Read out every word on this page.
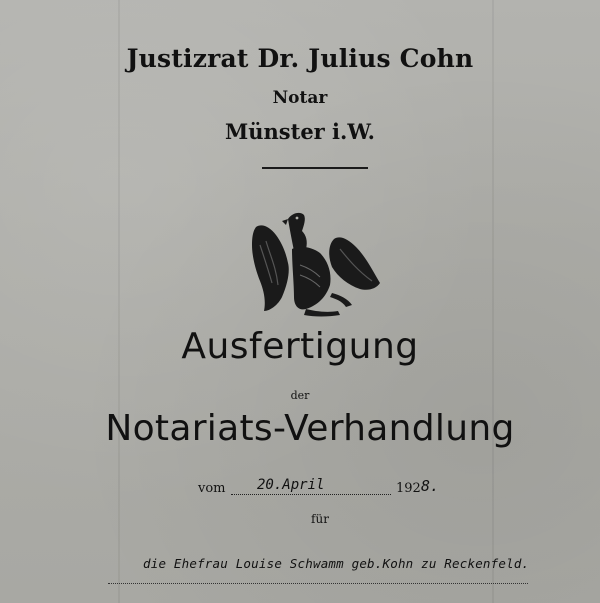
Justizrat Dr. Julius Cohn
Notar
Münster i.W.
Ausfertigung
der
Notariats-Verhandlung
vom 20.April	192 8.
für
die Ehefrau Louise Schwamm geb.Kohn zu Reckenfeld.
